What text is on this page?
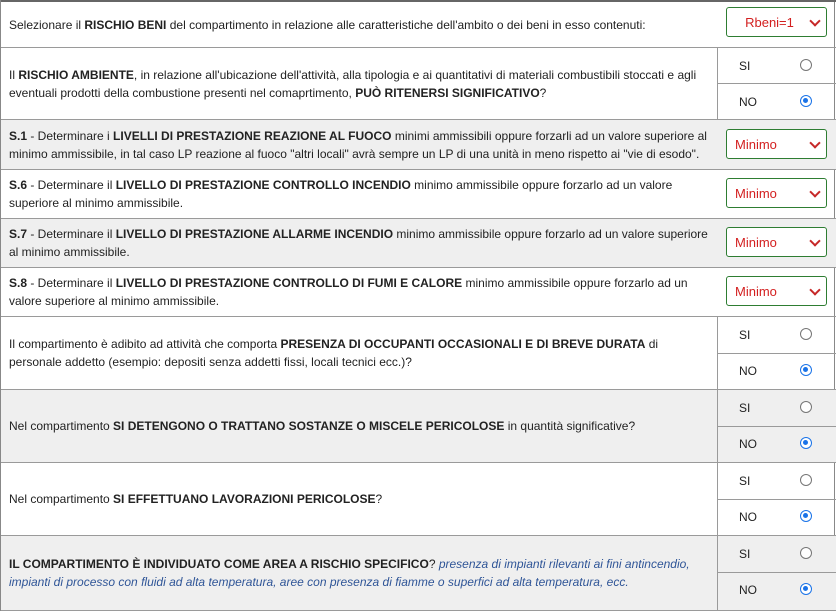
Selezionare il RISCHIO BENI del compartimento in relazione alle caratteristiche dell'ambito o dei beni in esso contenuti:	Rbeni=1
Il RISCHIO AMBIENTE, in relazione all'ubicazione dell'attività, alla tipologia e ai quantitativi di materiali combustibili stoccati e agli eventuali prodotti della combustione presenti nel comaprtimento, PUÒ RITENERSI SIGNIFICATIVO?
SI
NO
S.1 - Determinare i LIVELLI DI PRESTAZIONE REAZIONE AL FUOCO minimi ammissibili oppure forzarli ad un valore superiore al minimo ammissibile, in tal caso LP reazione al fuoco "altri locali" avrà sempre un LP di una unità in meno rispetto ai "vie di esodo".
Minimo
S.6 - Determinare il LIVELLO DI PRESTAZIONE CONTROLLO INCENDIO minimo ammissibile oppure forzarlo ad un valore superiore al minimo ammissibile.
Minimo
S.7 - Determinare il LIVELLO DI PRESTAZIONE ALLARME INCENDIO minimo ammissibile oppure forzarlo ad un valore superiore al minimo ammissibile.
Minimo
S.8 - Determinare il LIVELLO DI PRESTAZIONE CONTROLLO DI FUMI E CALORE minimo ammissibile oppure forzarlo ad un valore superiore al minimo ammissibile.
Minimo
Il compartimento è adibito ad attività che comporta PRESENZA DI OCCUPANTI OCCASIONALI E DI BREVE DURATA di personale addetto (esempio: depositi senza addetti fissi, locali tecnici ecc.)?
SI
NO
Nel compartimento SI DETENGONO O TRATTANO SOSTANZE O MISCELE PERICOLOSE in quantità significative?
SI
NO
Nel compartimento SI EFFETTUANO LAVORAZIONI PERICOLOSE?
SI
NO
IL COMPARTIMENTO È INDIVIDUATO COME AREA A RISCHIO SPECIFICO? presenza di impianti rilevanti ai fini antincendio, impianti di processo con fluidi ad alta temperatura, aree con presenza di fiamme o superfici ad alta temperatura, ecc.
SI
NO
